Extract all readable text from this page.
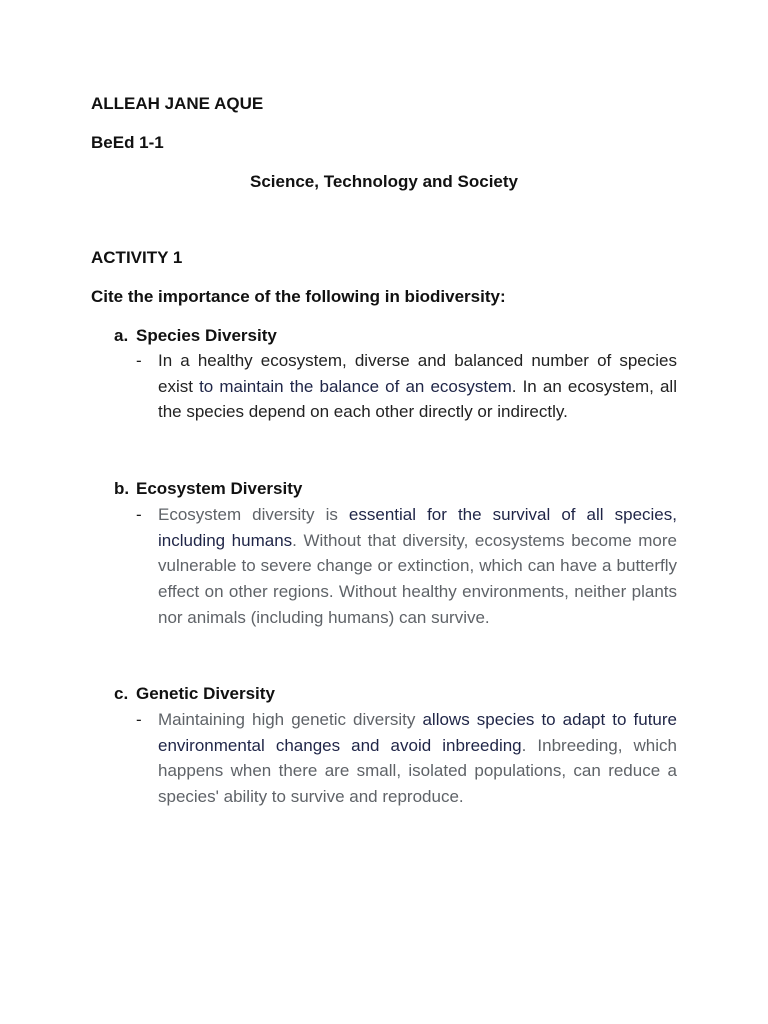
ALLEAH JANE AQUE
BeEd 1-1
Science, Technology and Society
ACTIVITY 1
Cite the importance of the following in biodiversity:
a. Species Diversity
- In a healthy ecosystem, diverse and balanced number of species exist to maintain the balance of an ecosystem. In an ecosystem, all the species depend on each other directly or indirectly.
b. Ecosystem Diversity
- Ecosystem diversity is essential for the survival of all species, including humans. Without that diversity, ecosystems become more vulnerable to severe change or extinction, which can have a butterfly effect on other regions. Without healthy environments, neither plants nor animals (including humans) can survive.
c. Genetic Diversity
- Maintaining high genetic diversity allows species to adapt to future environmental changes and avoid inbreeding. Inbreeding, which happens when there are small, isolated populations, can reduce a species' ability to survive and reproduce.
